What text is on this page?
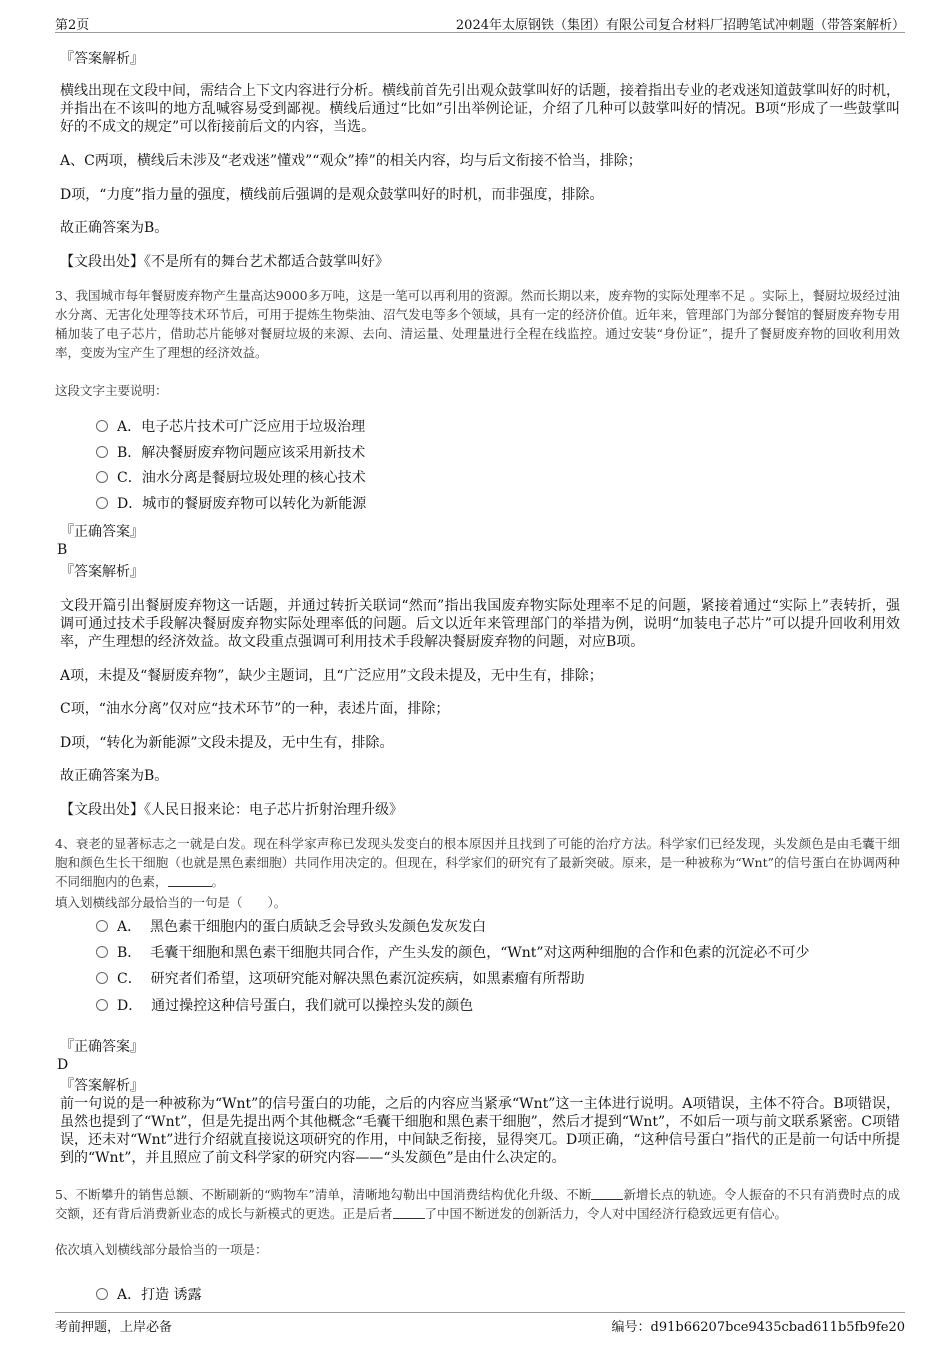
第2页	2024年太原钢铁（集团）有限公司复合材料厂招聘笔试冲刺题（带答案解析）

『答案解析』

横线出现在文段中间，需结合上下文内容进行分析。横线前首先引出观众鼓掌叫好的话题，接着指出专业的老戏迷知道鼓掌叫好的时机，并指出在不该叫的地方乱喊容易受到鄙视。横线后通过“比如”引出举例论证，介绍了几种可以鼓掌叫好的情况。B项“形成了一些鼓掌叫好的不成文的规定”可以衔接前后文的内容，当选。

A、C两项，横线后未涉及“老戏迷”懂戏”“观众”捧”的相关内容，均与后文衔接不恰当，排除；

D项，“力度”指力量的强度，横线前后强调的是观众鼓掌叫好的时机，而非强度，排除。

故正确答案为B。

【文段出处】《不是所有的舞台艺术都适合鼓掌叫好》

3、我国城市每年餐厨废弃物产生量高达9000多万吨，这是一笔可以再利用的资源。然而长期以来，废弃物的实际处理率不足 。实际上，餐厨垃圾经过油水分离、无害化处理等技术环节后，可用于提炼生物柴油、沼气发电等多个领域，具有一定的经济价值。近年来，管理部门为部分餐馆的餐厨废弃物专用桶加装了电子芯片，借助芯片能够对餐厨垃圾的来源、去向、清运量、处理量进行全程在线监控。通过安装“身份证”，提升了餐厨废弃物的回收利用效率，变废为宝产生了理想的经济效益。

这段文字主要说明：

A．电子芯片技术可广泛应用于垃圾治理
B．解决餐厨废弃物问题应该采用新技术
C．油水分离是餐厨垃圾处理的核心技术
D．城市的餐厨废弃物可以转化为新能源

『正确答案』

B

『答案解析』

文段开篇引出餐厨废弃物这一话题，并通过转折关联词“然而”指出我国废弃物实际处理率不足的问题，紧接着通过“实际上”表转折，强调可通过技术手段解决餐厨废弃物实际处理率低的问题。后文以近年来管理部门的举措为例，说明“加装电子芯片”可以提升回收利用效率，产生理想的经济效益。故文段重点强调可利用技术手段解决餐厨废弃物的问题，对应B项。

A项，未提及“餐厨废弃物”，缺少主题词，且“广泛应用”文段未提及，无中生有，排除；

C项，“油水分离”仅对应“技术环节”的一种，表述片面，排除；

D项，“转化为新能源”文段未提及，无中生有，排除。

故正确答案为B。

【文段出处】《人民日报来论：电子芯片折射治理升级》

4、衰老的显著标志之一就是白发。现在科学家声称已发现头发变白的根本原因并且找到了可能的治疗方法。科学家们已经发现，头发颜色是由毛囊干细胞和颜色生长干细胞（也就是黑色素细胞）共同作用决定的。但现在，科学家们的研究有了最新突破。原来，是一种被称为“Wnt”的信号蛋白在协调两种不同细胞内的色素，	。

填入划横线部分最恰当的一句是（　　）。

A． 黑色素干细胞内的蛋白质缺乏会导致头发颜色发灰发白
B． 毛囊干细胞和黑色素干细胞共同合作，产生头发的颜色，“Wnt”对这两种细胞的合作和色素的沉淀必不可少
C． 研究者们希望，这项研究能对解决黑色素沉淀疾病，如黑素瘤有所帮助
D． 通过操控这种信号蛋白，我们就可以操控头发的颜色

『正确答案』

D

『答案解析』

前一句说的是一种被称为“Wnt”的信号蛋白的功能，之后的内容应当紧承“Wnt”这一主体进行说明。A项错误，主体不符合。B项错误，虽然也提到了“Wnt”，但是先提出两个其他概念“毛囊干细胞和黑色素干细胞”，然后才提到“Wnt”，不如后一项与前文联系紧密。C项错误，还未对“Wnt”进行介绍就直接说这项研究的作用，中间缺乏衔接，显得突兀。D项正确，“这种信号蛋白”指代的正是前一句话中所提到的“Wnt”，并且照应了前文科学家的研究内容——“头发颜色”是由什么决定的。

5、不断攀升的销售总额、不断刷新的“购物车”清单，清晰地勾勒出中国消费结构优化升级、不断	新增长点的轨迹。令人振奋的不只有消费时点的成交额，还有背后消费新业态的成长与新模式的更迭。正是后者	了中国不断迸发的创新活力，令人对中国经济行稳致远更有信心。

依次填入划横线部分最恰当的一项是：

A．打造 诱露
考前押题，上岸必备	编号：d91b66207bce9435cbad611b5fb9fe20
